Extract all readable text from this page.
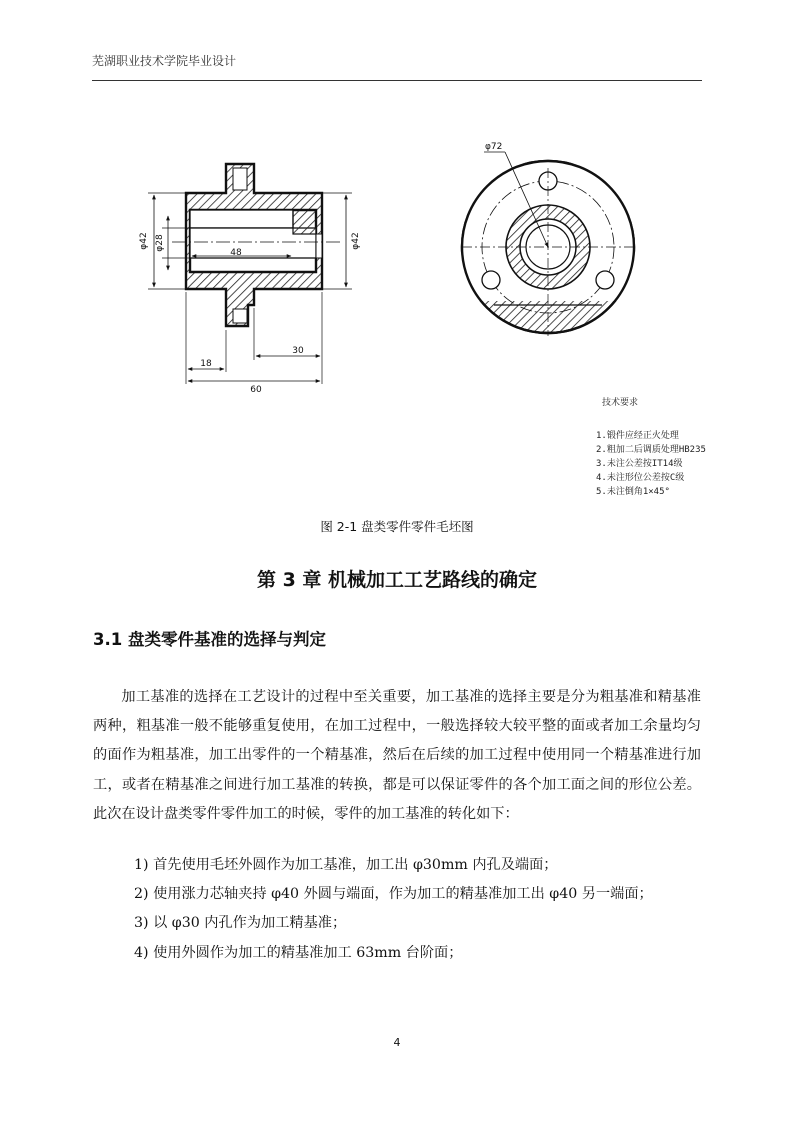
芜湖职业技术学院毕业设计
φ42 φ28
48
φ42
30
18
60
φ72
技术要求
1.锻件应经正火处理
2.粗加二后调质处理HB235
3.未注公差按IT14级
4.未注形位公差按C级
5.未注倒角1×45°
图 2-1 盘类零件零件毛坯图
第 3 章 机械加工工艺路线的确定
3.1 盘类零件基准的选择与判定

加工基准的选择在工艺设计的过程中至关重要，加工基准的选择主要是分为粗基准和精基准两种，粗基准一般不能够重复使用，在加工过程中，一般选择较大较平整的面或者加工余量均匀的面作为粗基准，加工出零件的一个精基准，然后在后续的加工过程中使用同一个精基准进行加工，或者在精基准之间进行加工基准的转换，都是可以保证零件的各个加工面之间的形位公差。此次在设计盘类零件零件加工的时候，零件的加工基准的转化如下：

1) 首先使用毛坯外圆作为加工基准，加工出 φ30mm 内孔及端面；
2) 使用涨力芯轴夹持 φ40 外圆与端面，作为加工的精基准加工出 φ40 另一端面；
3) 以 φ30 内孔作为加工精基准；
4) 使用外圆作为加工的精基准加工 63mm 台阶面；
4
